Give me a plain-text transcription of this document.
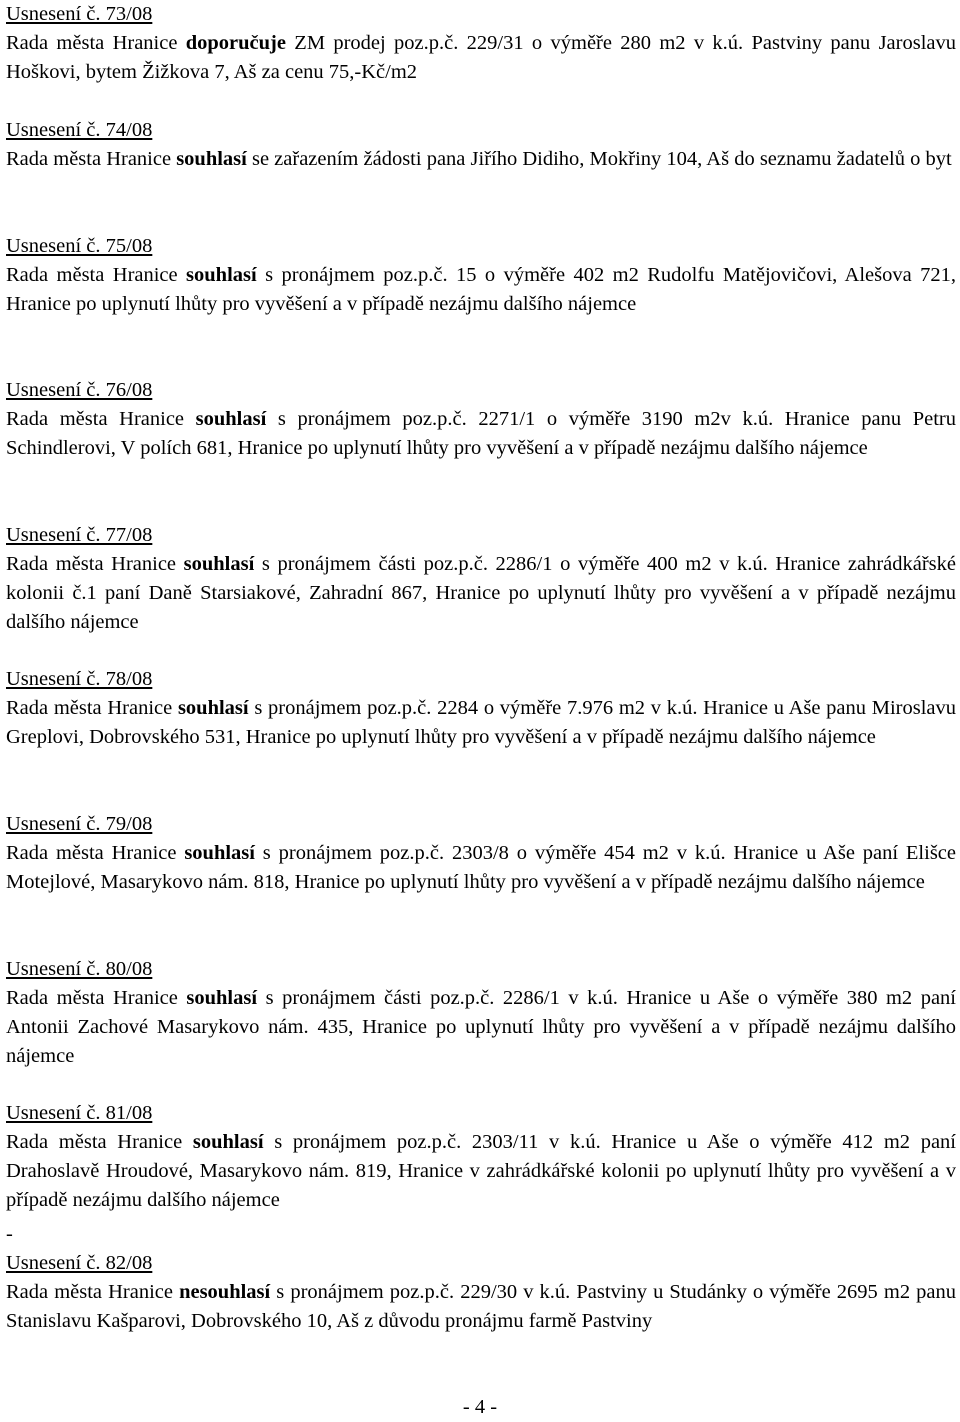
Usnesení č. 73/08

Rada města Hranice doporučuje ZM prodej poz.p.č. 229/31 o výměře 280 m2 v k.ú. Pastviny panu Jaroslavu Hoškovi, bytem Žižkova 7, Aš za cenu 75,-Kč/m2

Usnesení č. 74/08

Rada města Hranice souhlasí se zařazením žádosti pana Jiřího Didiho, Mokřiny 104, Aš do seznamu žadatelů o byt

Usnesení č. 75/08

Rada města Hranice souhlasí s pronájmem poz.p.č. 15 o výměře 402 m2 Rudolfu Matějovičovi, Alešova 721, Hranice po uplynutí lhůty pro vyvěšení a v případě nezájmu dalšího nájemce

Usnesení č. 76/08

Rada města Hranice souhlasí s pronájmem poz.p.č. 2271/1 o výměře 3190 m2v k.ú. Hranice panu Petru Schindlerovi, V polích 681, Hranice po uplynutí lhůty pro vyvěšení a v případě nezájmu dalšího nájemce

Usnesení č. 77/08

Rada města Hranice souhlasí s pronájmem části poz.p.č. 2286/1 o výměře 400 m2 v k.ú. Hranice zahrádkářské kolonii č.1 paní Daně Starsiakové, Zahradní 867, Hranice po uplynutí lhůty pro vyvěšení a v případě nezájmu dalšího nájemce

Usnesení č. 78/08

Rada města Hranice souhlasí s pronájmem poz.p.č. 2284 o výměře 7.976 m2 v k.ú. Hranice u Aše panu Miroslavu Greplovi, Dobrovského 531, Hranice po uplynutí lhůty pro vyvěšení a v případě nezájmu dalšího nájemce

Usnesení č. 79/08

Rada města Hranice souhlasí s pronájmem poz.p.č. 2303/8 o výměře 454 m2 v k.ú. Hranice u Aše paní Elišce Motejlové, Masarykovo nám. 818, Hranice po uplynutí lhůty pro vyvěšení a v případě nezájmu dalšího nájemce

Usnesení č. 80/08

Rada města Hranice souhlasí s pronájmem části poz.p.č. 2286/1 v k.ú. Hranice u Aše o výměře 380 m2 paní Antonii Zachové Masarykovo nám. 435, Hranice po uplynutí lhůty pro vyvěšení a v případě nezájmu dalšího nájemce

Usnesení č. 81/08

Rada města Hranice souhlasí s pronájmem poz.p.č. 2303/11 v k.ú. Hranice u Aše o výměře 412 m2 paní Drahoslavě Hroudové, Masarykovo nám. 819, Hranice v zahrádkářské kolonii po uplynutí lhůty pro vyvěšení a v případě nezájmu dalšího nájemce

-
Usnesení č. 82/08

Rada města Hranice nesouhlasí s pronájmem poz.p.č. 229/30 v k.ú. Pastviny u Studánky o výměře 2695 m2 panu Stanislavu Kašparovi, Dobrovského 10, Aš z důvodu pronájmu farmě Pastviny

- 4 -
